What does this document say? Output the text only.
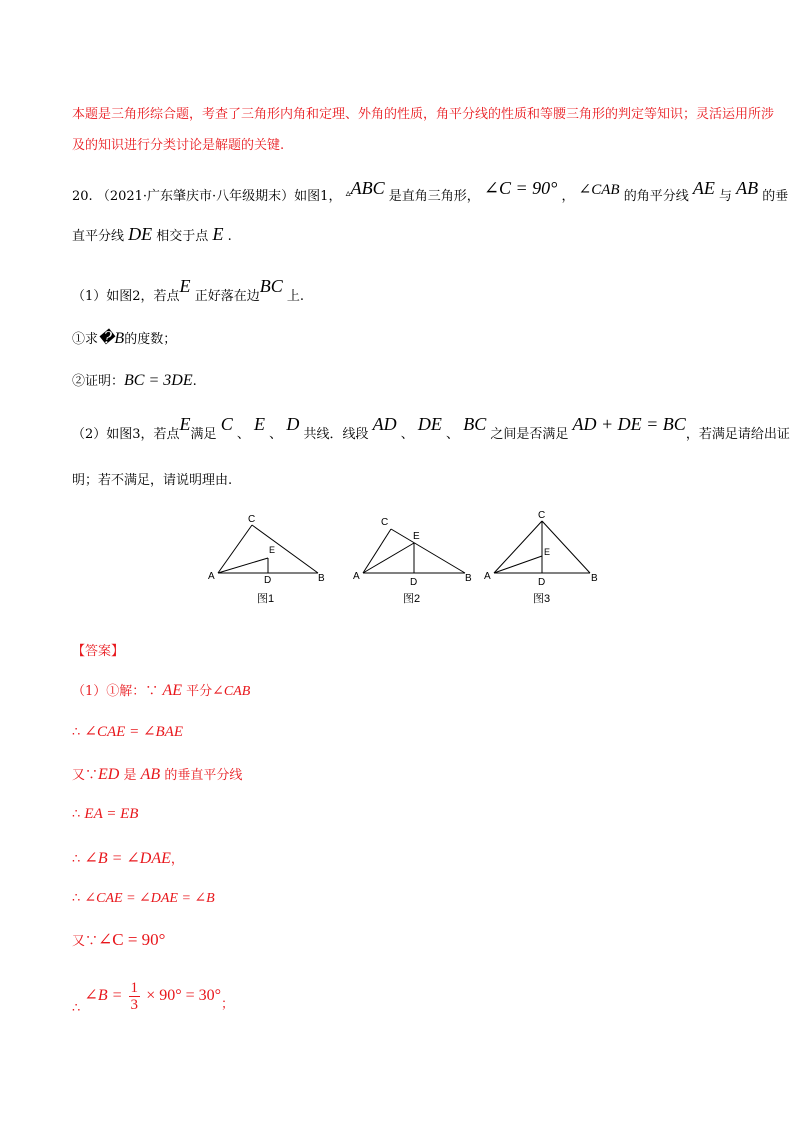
本题是三角形综合题，考查了三角形内角和定理、外角的性质，角平分线的性质和等腰三角形的判定等知识；灵活运用所涉
及的知识进行分类讨论是解题的关键.
20. （2021·广东肇庆市·八年级期末）如图1， ▵ABC 是直角三角形， ∠C = 90° ， ∠CAB 的角平分线 AE 与 AB 的垂
直平分线 DE 相交于点 E .
（1）如图2，若点E 正好落在边BC 上.
①求�B的度数；
②证明：BC = 3DE.
（2）如图3，若点E满足 C 、 E 、 D 共线．线段 AD 、 DE 、 BC 之间是否满足 AD + DE = BC，若满足请给出证
明；若不满足，请说明理由.
A	B
C
D
E
图1
A	B
C
D
E
图2
A	B
C
D
E
图3
【答案】
（1）①解：∵ AE 平分∠CAB
∴ ∠CAE = ∠BAE
又∵ED 是 AB 的垂直平分线
∴ EA = EB
∴ ∠B = ∠DAE，
∴ ∠CAE = ∠DAE = ∠B
又∵∠C = 90°
∴ ∠B = $\frac{1}{3} \times 90^\circ = 30^\circ$；
